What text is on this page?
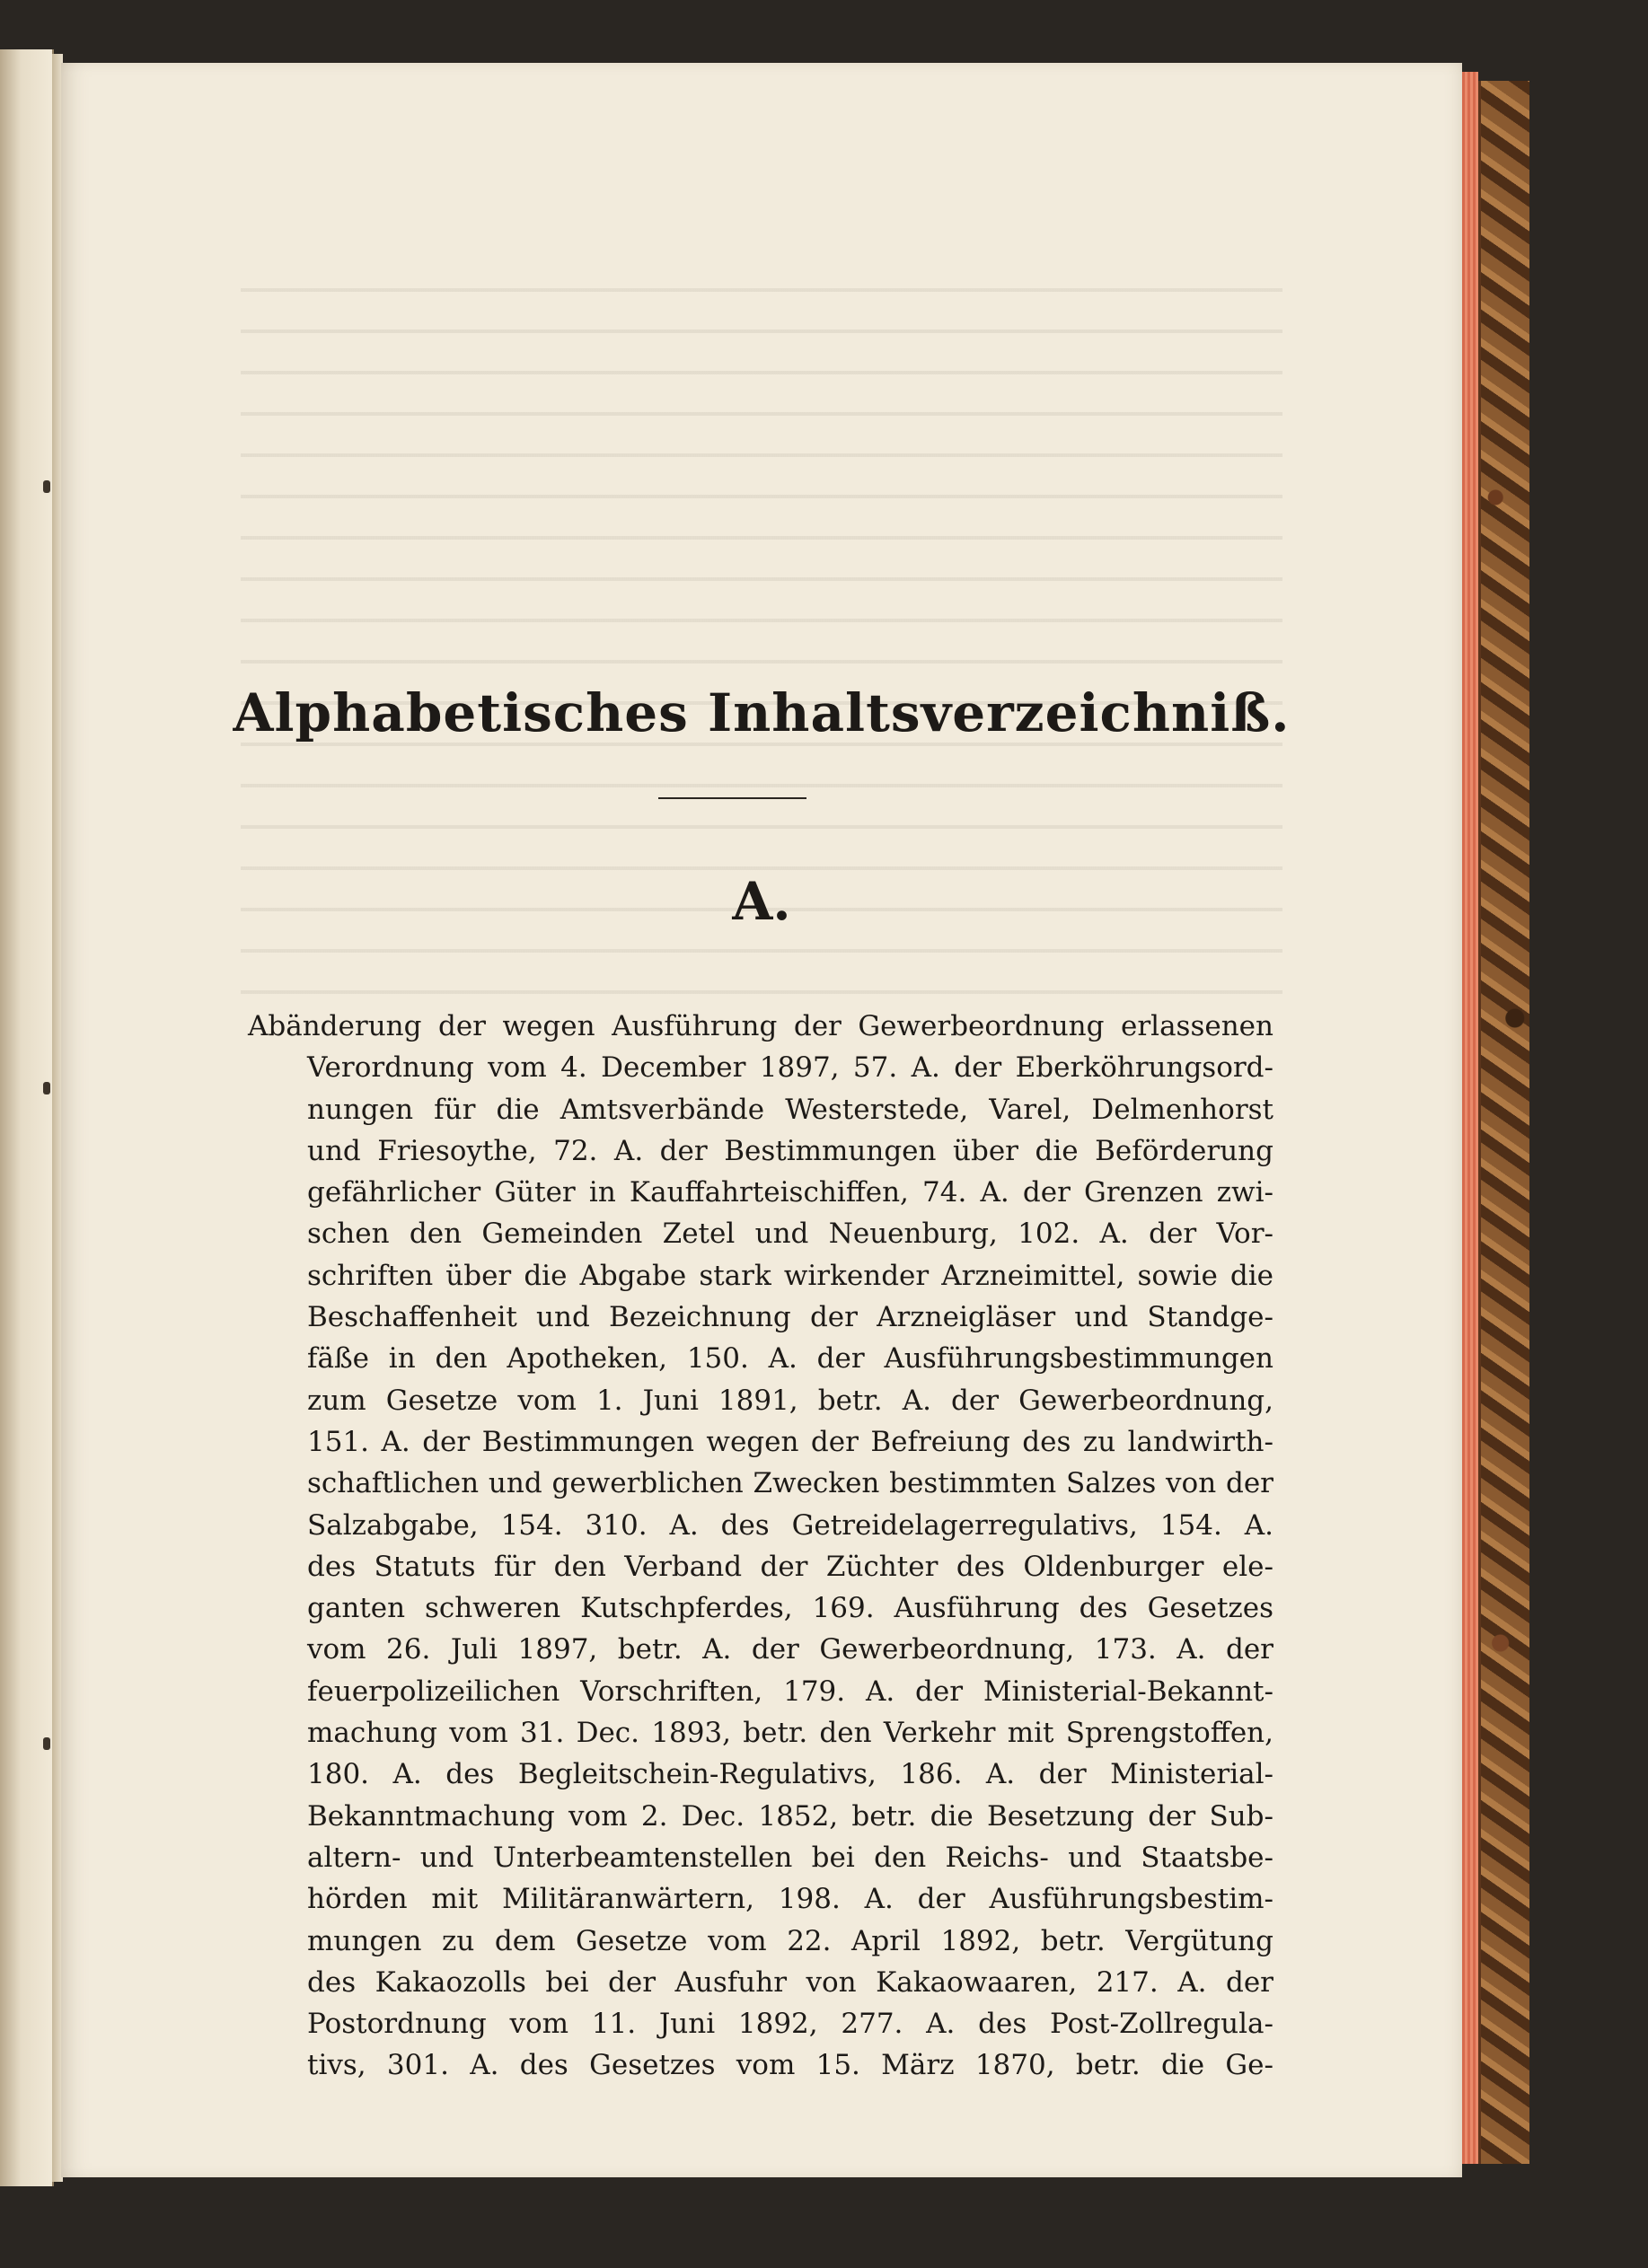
Alphabetisches Inhaltsverzeichniß.
A.
Abänderung der wegen Ausführung der Gewerbeordnung erlassenen
Verordnung vom 4. December 1897, 57. A. der Eberköhrungsord-
nungen für die Amtsverbände Westerstede, Varel, Delmenhorst
und Friesoythe, 72. A. der Bestimmungen über die Beförderung
gefährlicher Güter in Kauffahrteischiffen, 74. A. der Grenzen zwi-
schen den Gemeinden Zetel und Neuenburg, 102. A. der Vor-
schriften über die Abgabe stark wirkender Arzneimittel, sowie die
Beschaffenheit und Bezeichnung der Arzneigläser und Standge-
fäße in den Apotheken, 150. A. der Ausführungsbestimmungen
zum Gesetze vom 1. Juni 1891, betr. A. der Gewerbeordnung,
151. A. der Bestimmungen wegen der Befreiung des zu landwirth-
schaftlichen und gewerblichen Zwecken bestimmten Salzes von der
Salzabgabe, 154. 310. A. des Getreidelagerregulativs, 154. A.
des Statuts für den Verband der Züchter des Oldenburger ele-
ganten schweren Kutschpferdes, 169. Ausführung des Gesetzes
vom 26. Juli 1897, betr. A. der Gewerbeordnung, 173. A. der
feuerpolizeilichen Vorschriften, 179. A. der Ministerial-Bekannt-
machung vom 31. Dec. 1893, betr. den Verkehr mit Sprengstoffen,
180. A. des Begleitschein-Regulativs, 186. A. der Ministerial-
Bekanntmachung vom 2. Dec. 1852, betr. die Besetzung der Sub-
altern- und Unterbeamtenstellen bei den Reichs- und Staatsbe-
hörden mit Militäranwärtern, 198. A. der Ausführungsbestim-
mungen zu dem Gesetze vom 22. April 1892, betr. Vergütung
des Kakaozolls bei der Ausfuhr von Kakaowaaren, 217. A. der
Postordnung vom 11. Juni 1892, 277. A. des Post-Zollregula-
tivs, 301. A. des Gesetzes vom 15. März 1870, betr. die Ge-
